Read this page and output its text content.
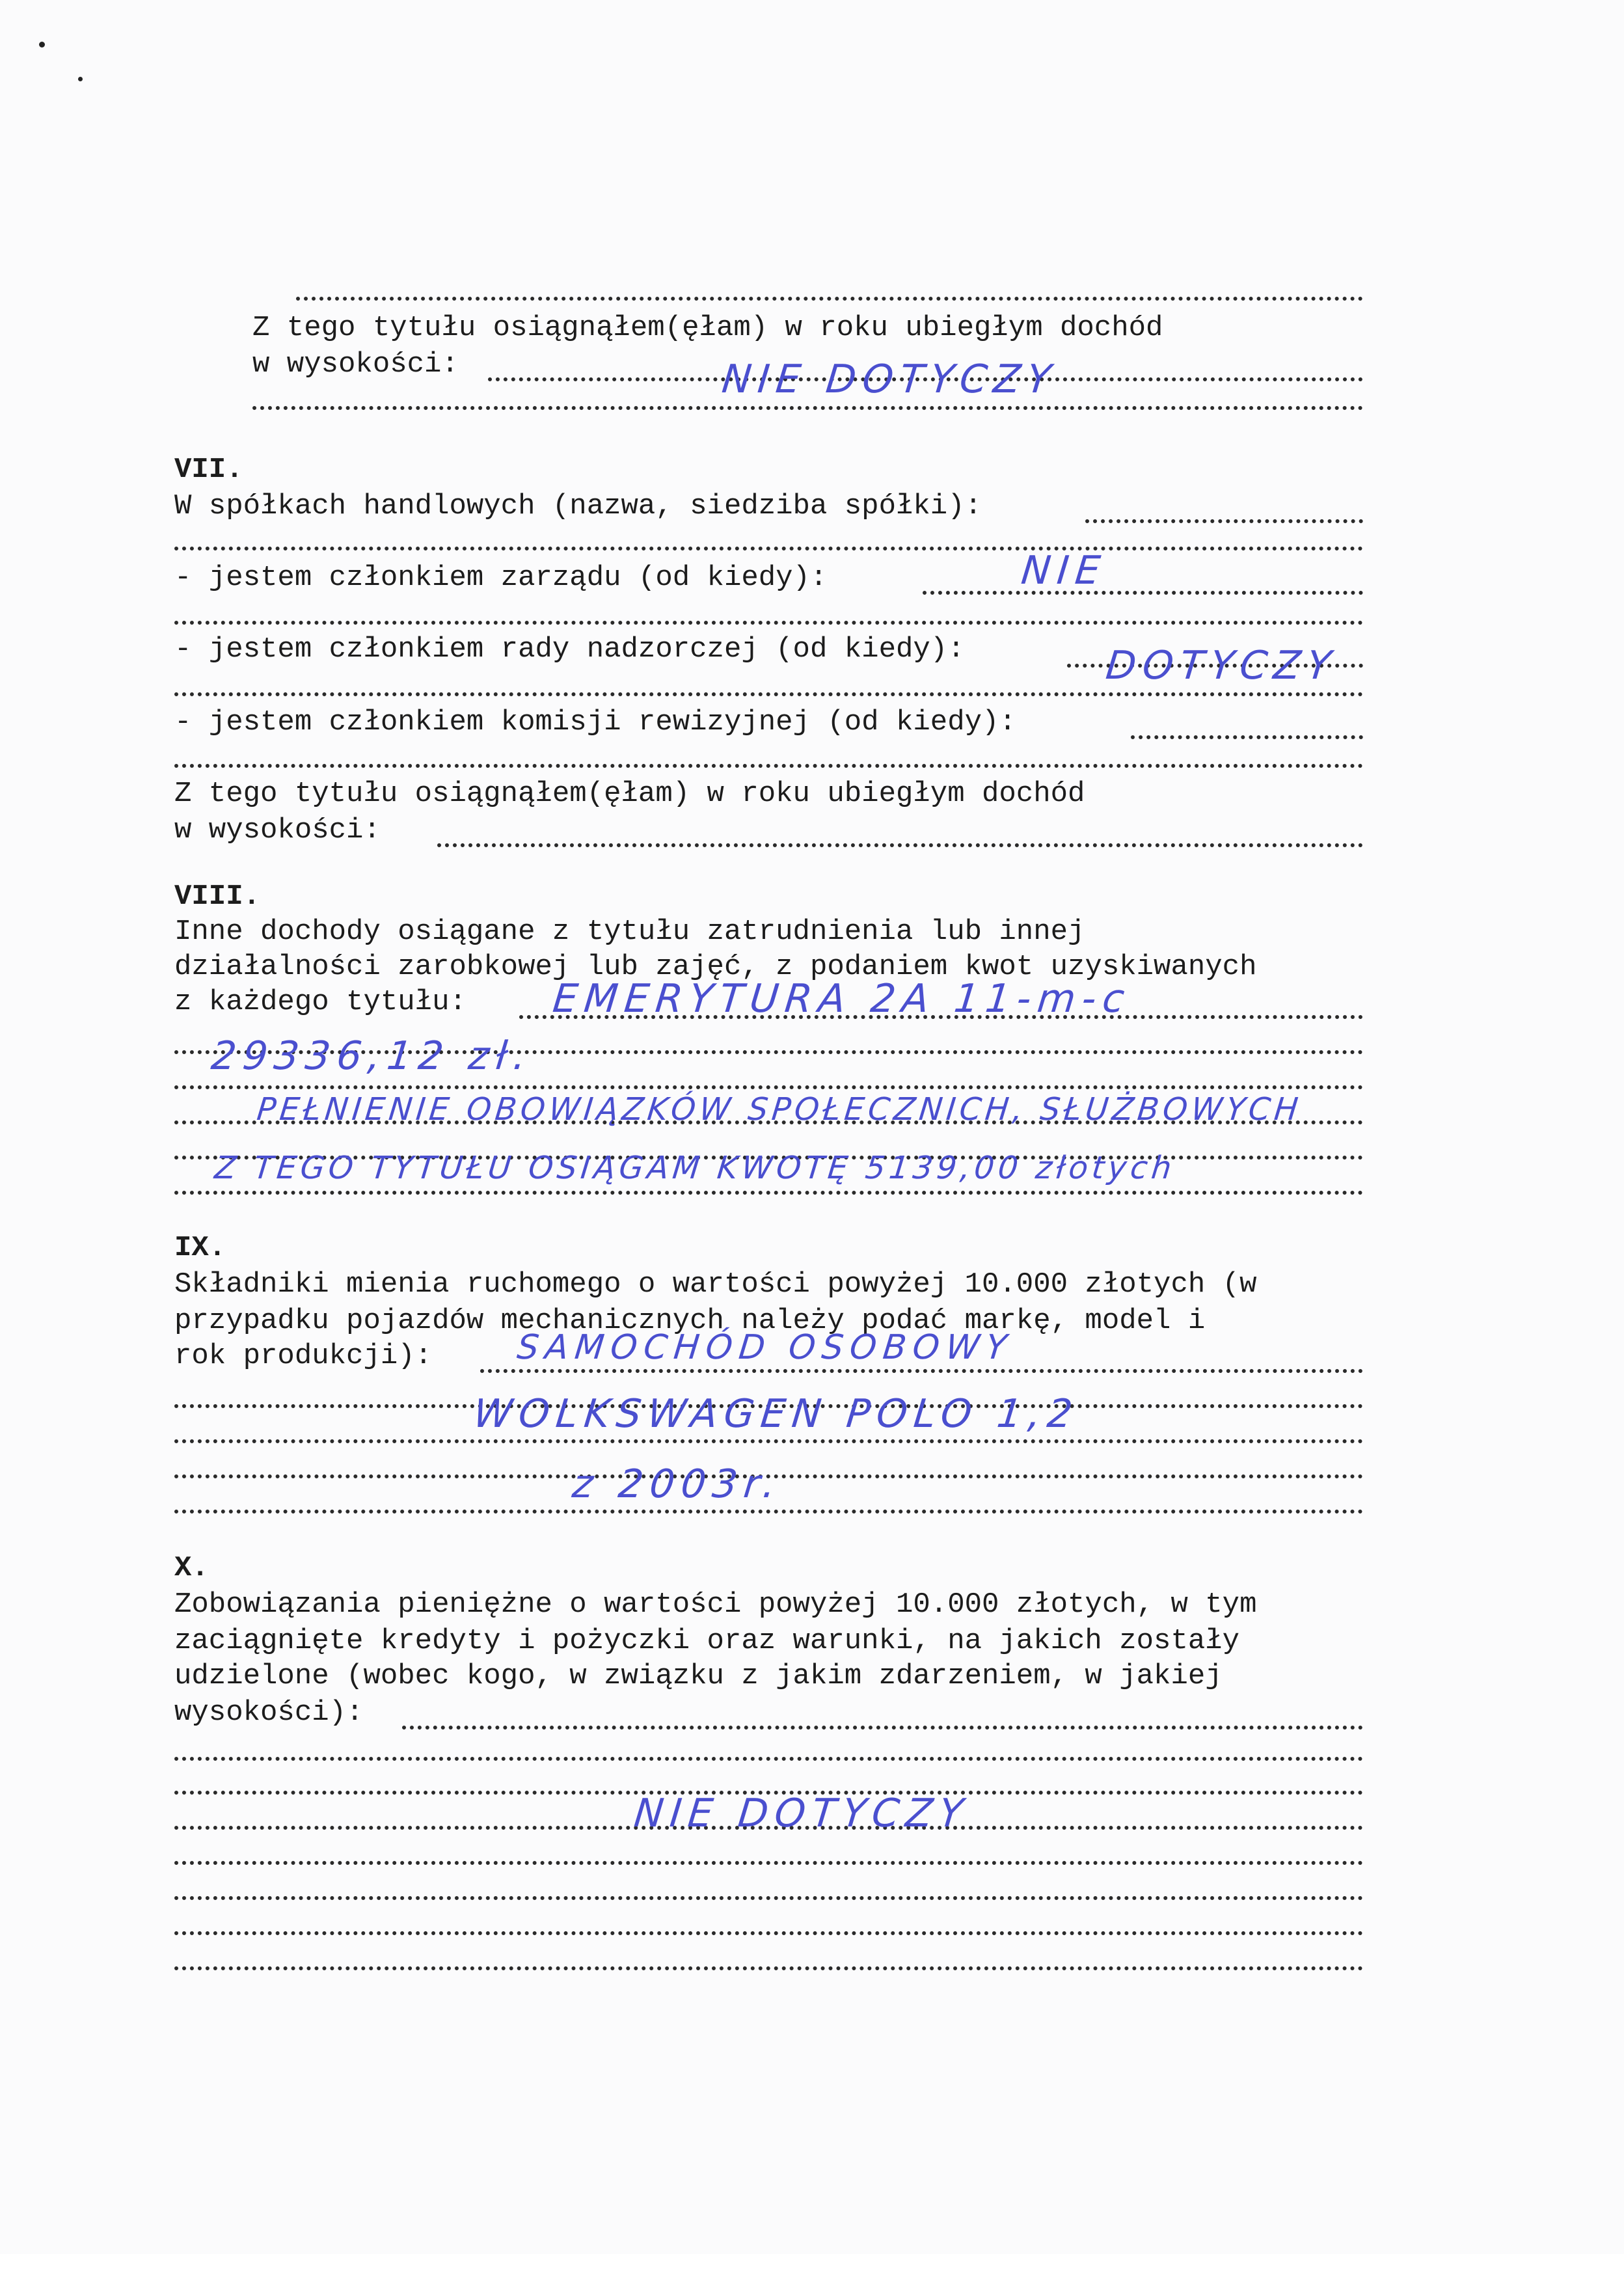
Z tego tytułu osiągnąłem(ęłam) w roku ubiegłym dochód

w wysokości:	NIE DOTYCZY

VII.

W spółkach handlowych (nazwa, siedziba spółki):

- jestem członkiem zarządu (od kiedy):	NIE

- jestem członkiem rady nadzorczej (od kiedy):	DOTYCZY

- jestem członkiem komisji rewizyjnej (od kiedy):

Z tego tytułu osiągnąłem(ęłam) w roku ubiegłym dochód

w wysokości:

VIII.

Inne dochody osiągane z tytułu zatrudnienia lub innej

działalności zarobkowej lub zajęć, z podaniem kwot uzyskiwanych

z każdego tytułu: EMERYTURA 2A 11-m-c

29336,12 zł.

PEŁNIENIE OBOWIĄZKÓW SPOŁECZNICH, SŁUŻBOWYCH

Z TEGO TYTUŁU OSIĄGAM KWOTĘ 5139,00 złotych

IX.

Składniki mienia ruchomego o wartości powyżej 10.000 złotych (w

przypadku pojazdów mechanicznych należy podać markę, model i

rok produkcji): SAMOCHÓD OSOBOWY

WOLKSWAGEN POLO 1,2

z 2003r.

X.

Zobowiązania pieniężne o wartości powyżej 10.000 złotych, w tym

zaciągnięte kredyty i pożyczki oraz warunki, na jakich zostały

udzielone (wobec kogo, w związku z jakim zdarzeniem, w jakiej

wysokości):

NIE DOTYCZY
